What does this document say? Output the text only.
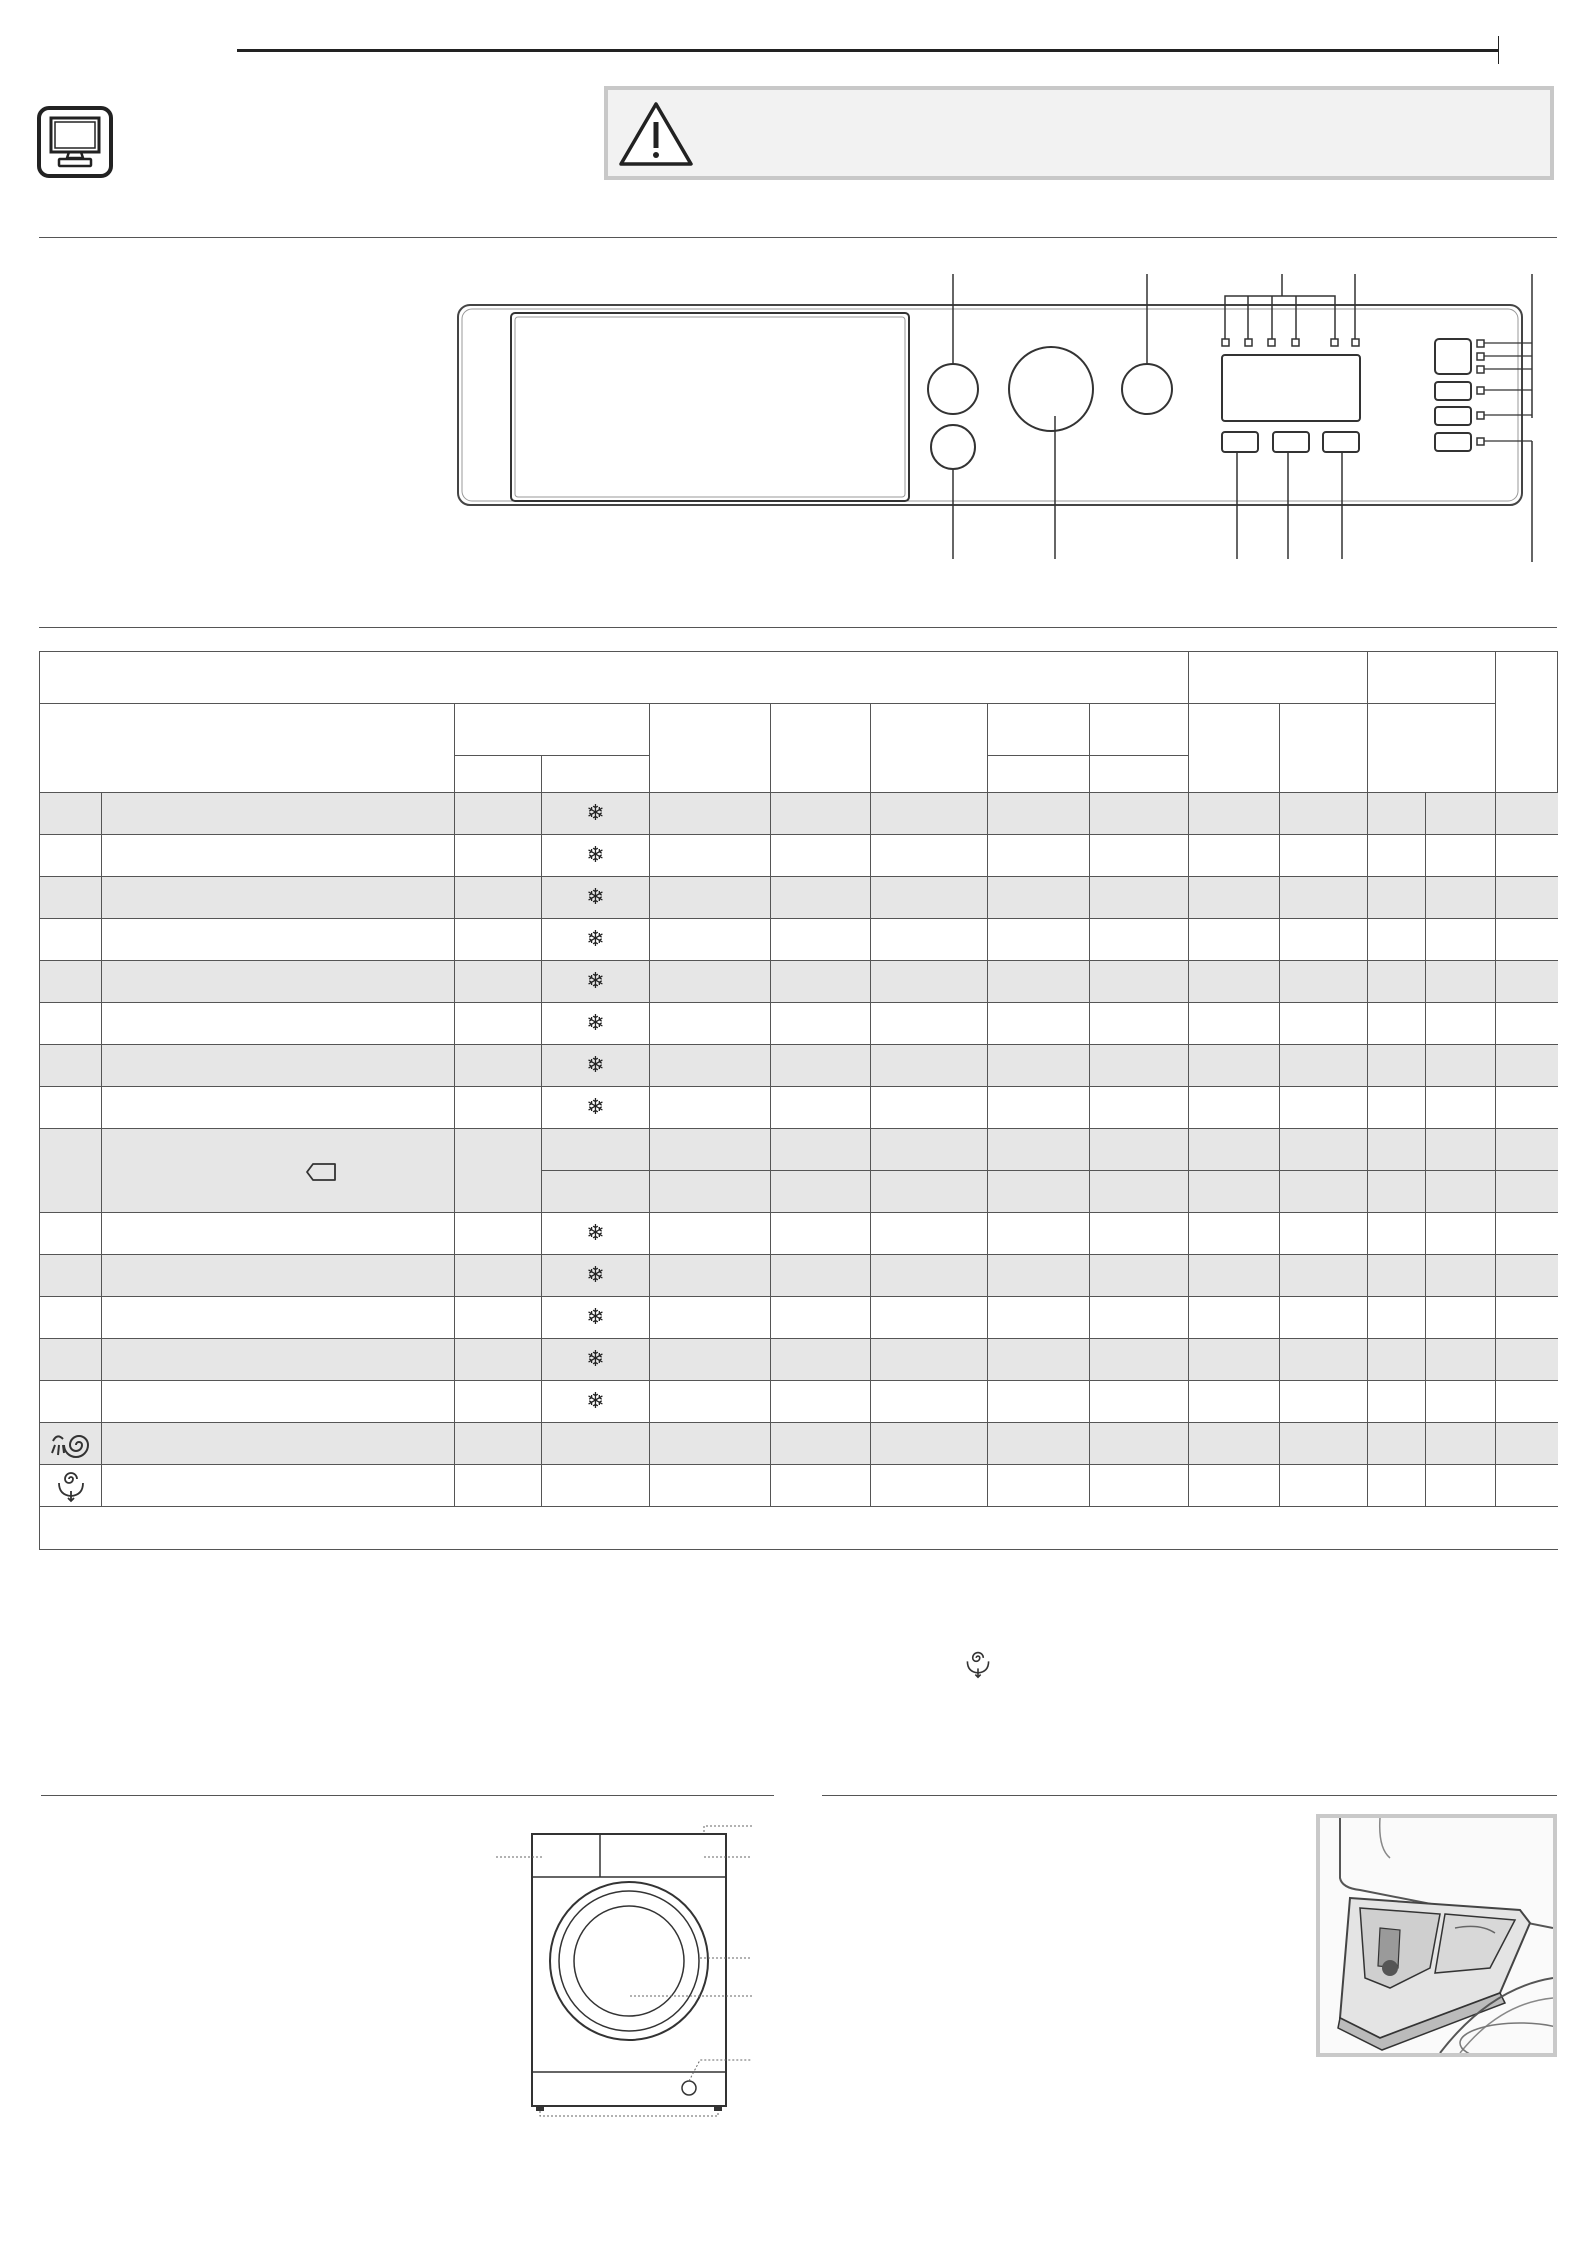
			❄											
			❄											
			❄											
			❄											
			❄											
			❄											
			❄											
			❄											

			❄											
			❄											
			❄											
			❄											
			❄											
